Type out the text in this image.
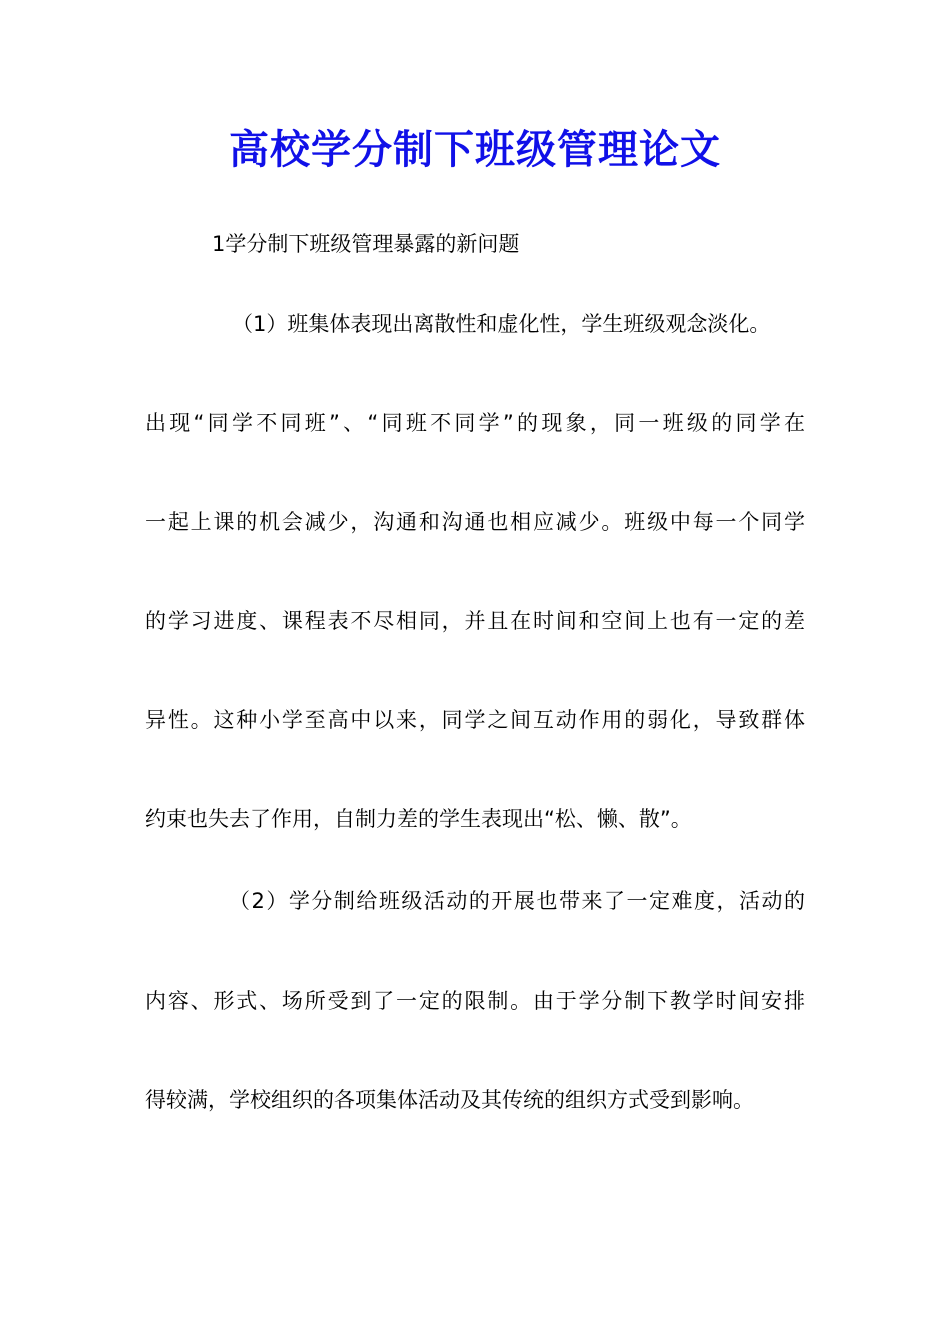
高校学分制下班级管理论文
1学分制下班级管理暴露的新问题
（1）班集体表现出离散性和虚化性，学生班级观念淡化。
出现“同学不同班”、“同班不同学”的现象，同一班级的同学在
一起上课的机会减少，沟通和沟通也相应减少。班级中每一个同学
的学习进度、课程表不尽相同，并且在时间和空间上也有一定的差
异性。这种小学至高中以来，同学之间互动作用的弱化，导致群体
约束也失去了作用，自制力差的学生表现出“松、懒、散”。
（2）学分制给班级活动的开展也带来了一定难度，活动的
内容、形式、场所受到了一定的限制。由于学分制下教学时间安排
得较满，学校组织的各项集体活动及其传统的组织方式受到影响。
